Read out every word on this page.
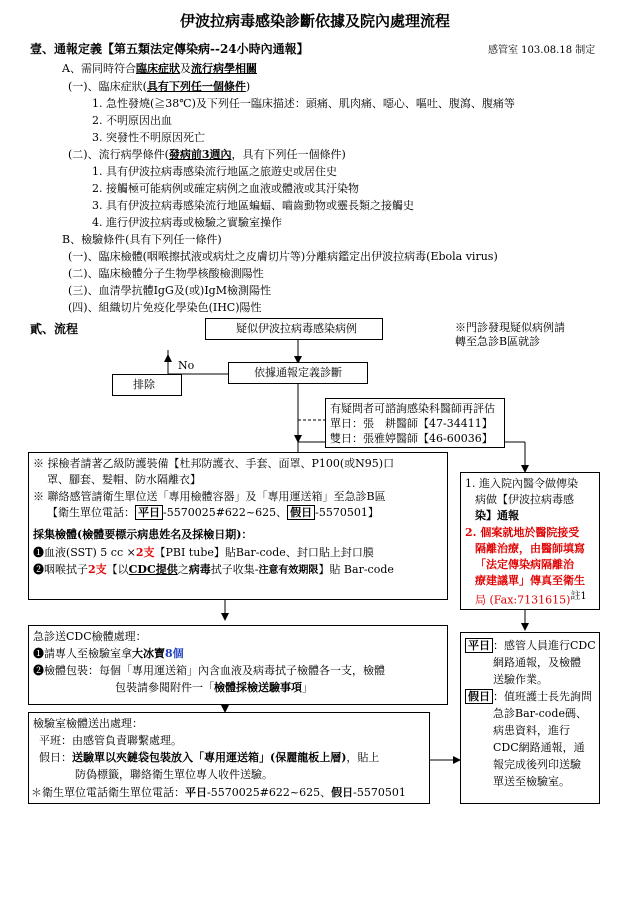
伊波拉病毒感染診斷依據及院內處理流程
壹、通報定義【第五類法定傳染病--24小時內通報】	感管室 103.08.18 制定
A、需同時符合臨床症狀及流行病學相關
(一)、臨床症狀(具有下列任一個條件)
1. 急性發燒(≧38℃)及下列任一臨床描述：頭痛、肌肉痛、噁心、嘔吐、腹瀉、腹痛等
2. 不明原因出血
3. 突發性不明原因死亡
(二)、流行病學條件(發病前3週內，具有下列任一個條件)
1. 具有伊波拉病毒感染流行地區之旅遊史或居住史
2. 接觸極可能病例或確定病例之血液或體液或其汙染物
3. 具有伊波拉病毒感染流行地區蝙蝠、嚙齒動物或靈長類之接觸史
4. 進行伊波拉病毒或檢驗之實驗室操作
B、檢驗條件(具有下列任一條件)
(一)、臨床檢體(咽喉擦拭液或病灶之皮膚切片等)分離病鑑定出伊波拉病毒(Ebola virus)
(二)、臨床檢體分子生物學核酸檢測陽性
(三)、血清學抗體IgG及(或)IgM檢測陽性
(四)、組織切片免疫化學染色(IHC)陽性
貳、流程	疑似伊波拉病毒感染病例	※門診發現疑似病例請轉至急診B區就診
No
排除
依據通報定義診斷
有疑問者可諮詢感染科醫師再評估
單日：張　耕醫師【47-34411】
雙日：張雅婷醫師【46-60036】
※ 採檢者請著乙級防護裝備【杜邦防護衣、手套、面罩、P100(或N95)口
罩、腳套、髮帽、防水隔離衣】
※ 聯絡感管請衛生單位送「專用檢體容器」及「專用運送箱」至急診B區
【衛生單位電話： 平日 -5570025#622~625、 假日 -5570501】
採集檢體(檢體要標示病患姓名及採檢日期)：
❶血液(SST) 5 cc ×2支【PBI tube】貼Bar-code、封口貼上封口膜
❷咽喉拭子2支【以CDC提供之病毒拭子收集-注意有效期限】貼 Bar-code
1. 進入院內醫令做傳染
病做【伊波拉病毒感
染】通報
2. 個案就地於醫院接受
隔離治療，由醫師填寫
「法定傳染病隔離治
療建議單」傳真至衛生
局 (Fax:7131615)$^{註1}$
急診送CDC檢體處理：
❶請專人至檢驗室拿大冰寶8個
❷檢體包裝：每個「專用運送箱」內含血液及病毒拭子檢體各一支，檢體
包裝請參閱附件一「檢體採檢送驗事項」
平日 ：感管人員進行CDC
網路通報，及檢體
送驗作業。
假日 ：值班護士長先詢問
急診Bar-code碼、
病患資料，進行
CDC網路通報，通
報完成後列印送驗
單送至檢驗室。
檢驗室檢體送出處理：
平班：由感管負責聯繫處理。
假日：送驗單以夾鏈袋包裝放入「專用運送箱」(保麗龍板上層)，貼上
防偽標籤，聯絡衛生單位專人收件送驗。
＊衛生單位電話衛生單位電話：平日-5570025#622~625、假日-5570501
